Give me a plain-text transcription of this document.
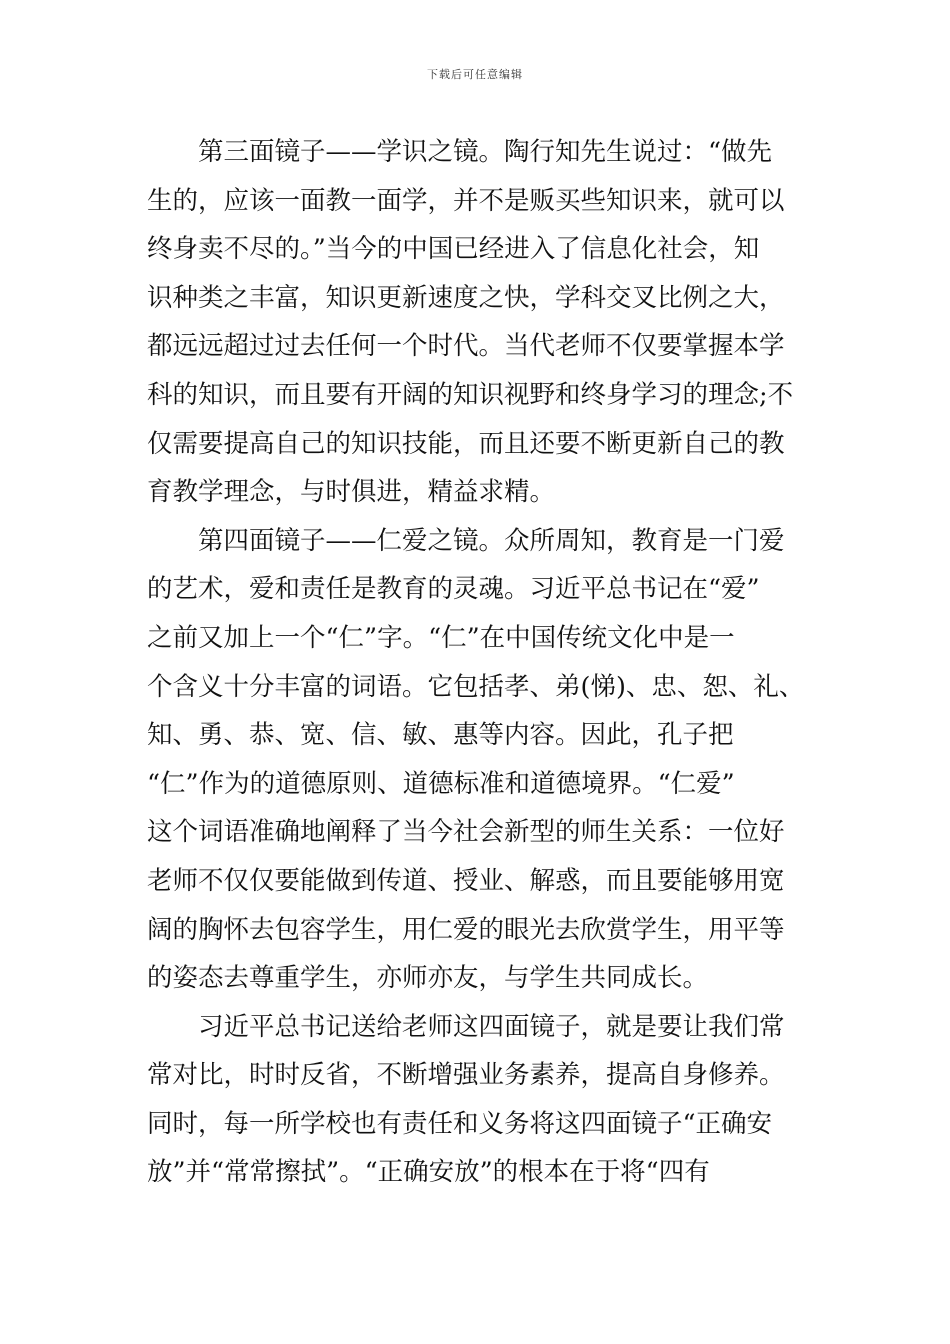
下载后可任意编辑
第三面镜子——学识之镜。陶行知先生说过：“做先
生的，应该一面教一面学，并不是贩买些知识来，就可以
终身卖不尽的。”当今的中国已经进入了信息化社会，知
识种类之丰富，知识更新速度之快，学科交叉比例之大，
都远远超过过去任何一个时代。当代老师不仅要掌握本学
科的知识，而且要有开阔的知识视野和终身学习的理念;不
仅需要提高自己的知识技能，而且还要不断更新自己的教
育教学理念，与时俱进，精益求精。
第四面镜子——仁爱之镜。众所周知，教育是一门爱
的艺术，爱和责任是教育的灵魂。习近平总书记在“爱”
之前又加上一个“仁”字。“仁”在中国传统文化中是一
个含义十分丰富的词语。它包括孝、弟(悌)、忠、恕、礼、
知、勇、恭、宽、信、敏、惠等内容。因此，孔子把
“仁”作为的道德原则、道德标准和道德境界。“仁爱”
这个词语准确地阐释了当今社会新型的师生关系：一位好
老师不仅仅要能做到传道、授业、解惑，而且要能够用宽
阔的胸怀去包容学生，用仁爱的眼光去欣赏学生，用平等
的姿态去尊重学生，亦师亦友，与学生共同成长。
习近平总书记送给老师这四面镜子，就是要让我们常
常对比，时时反省，不断增强业务素养，提高自身修养。
同时，每一所学校也有责任和义务将这四面镜子“正确安
放”并“常常擦拭”。“正确安放”的根本在于将“四有
